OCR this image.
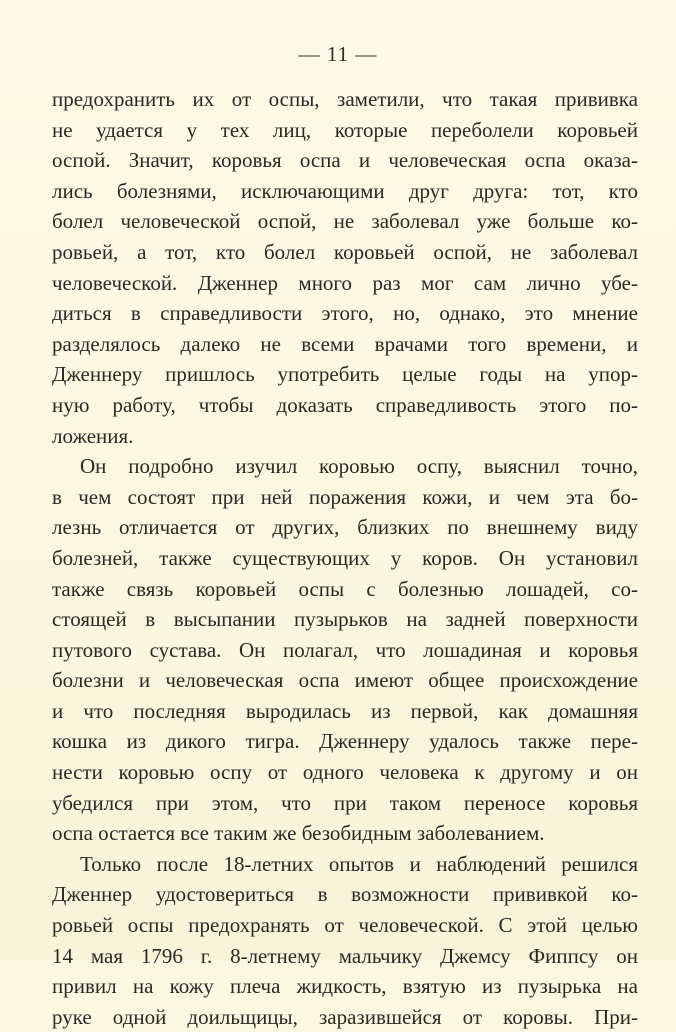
— 11 —
предохранить их от оспы, заметили, что такая прививка
не удается у тех лиц, которые переболели коровьей
оспой. Значит, коровья оспа и человеческая оспа оказа-
лись болезнями, исключающими друг друга: тот, кто
болел человеческой оспой, не заболевал уже больше ко-
ровьей, а тот, кто болел коровьей оспой, не заболевал
человеческой. Дженнер много раз мог сам лично убе-
диться в справедливости этого, но, однако, это мнение
разделялось далеко не всеми врачами того времени, и
Дженнеру пришлось употребить целые годы на упор-
ную работу, чтобы доказать справедливость этого по-
ложения.
Он подробно изучил коровью оспу, выяснил точно,
в чем состоят при ней поражения кожи, и чем эта бо-
лезнь отличается от других, близких по внешнему виду
болезней, также существующих у коров. Он установил
также связь коровьей оспы с болезнью лошадей, со-
стоящей в высыпании пузырьков на задней поверхности
путового сустава. Он полагал, что лошадиная и коровья
болезни и человеческая оспа имеют общее происхождение
и что последняя выродилась из первой, как домашняя
кошка из дикого тигра. Дженнеру удалось также пере-
нести коровью оспу от одного человека к другому и он
убедился при этом, что при таком переносе коровья
оспа остается все таким же безобидным заболеванием.
Только после 18-летних опытов и наблюдений решился
Дженнер удостовериться в возможности прививкой ко-
ровьей оспы предохранять от человеческой. С этой целью
14 мая 1796 г. 8-летнему мальчику Джемсу Фиппсу он
привил на кожу плеча жидкость, взятую из пузырька на
руке одной доильщицы, заразившейся от коровы. При-
